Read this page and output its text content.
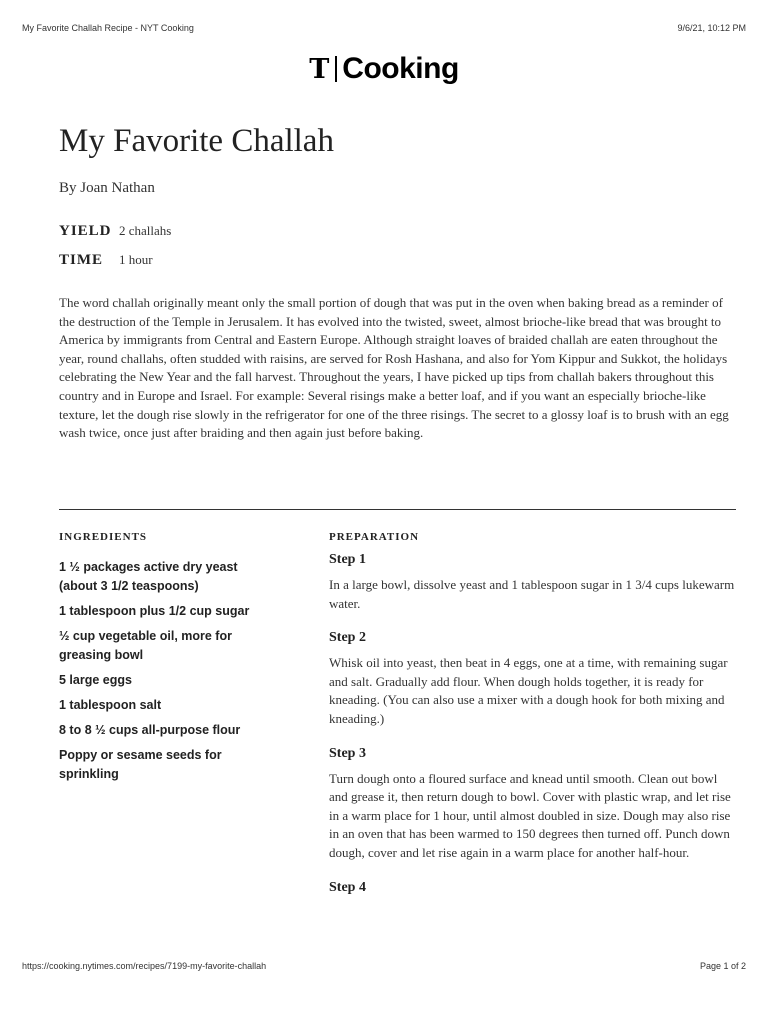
My Favorite Challah Recipe - NYT Cooking	9/6/21, 10:12 PM
T Cooking
My Favorite Challah
By Joan Nathan
YIELD 2 challahs
TIME	1 hour

The word challah originally meant only the small portion of dough that was put in the oven when baking bread as a reminder of the destruction of the Temple in Jerusalem. It has evolved into the twisted, sweet, almost brioche-like bread that was brought to America by immigrants from Central and Eastern Europe. Although straight loaves of braided challah are eaten throughout the year, round challahs, often studded with raisins, are served for Rosh Hashana, and also for Yom Kippur and Sukkot, the holidays celebrating the New Year and the fall harvest. Throughout the years, I have picked up tips from challah bakers throughout this country and in Europe and Israel. For example: Several risings make a better loaf, and if you want an especially brioche-like texture, let the dough rise slowly in the refrigerator for one of the three risings. The secret to a glossy loaf is to brush with an egg wash twice, once just after braiding and then again just before baking.

INGREDIENTS	PREPARATION
1 ½ packages active dry yeast (about 3 1/2 teaspoons)
1 tablespoon plus 1/2 cup sugar
½ cup vegetable oil, more for greasing bowl
5 large eggs
1 tablespoon salt
8 to 8 ½ cups all-purpose flour
Poppy or sesame seeds for sprinkling
Step 1

In a large bowl, dissolve yeast and 1 tablespoon sugar in 1 3/4 cups lukewarm water.

Step 2

Whisk oil into yeast, then beat in 4 eggs, one at a time, with remaining sugar and salt. Gradually add flour. When dough holds together, it is ready for kneading. (You can also use a mixer with a dough hook for both mixing and kneading.)

Step 3

Turn dough onto a floured surface and knead until smooth. Clean out bowl and grease it, then return dough to bowl. Cover with plastic wrap, and let rise in a warm place for 1 hour, until almost doubled in size. Dough may also rise in an oven that has been warmed to 150 degrees then turned off. Punch down dough, cover and let rise again in a warm place for another half-hour.

Step 4

https://cooking.nytimes.com/recipes/7199-my-favorite-challah	Page 1 of 2
